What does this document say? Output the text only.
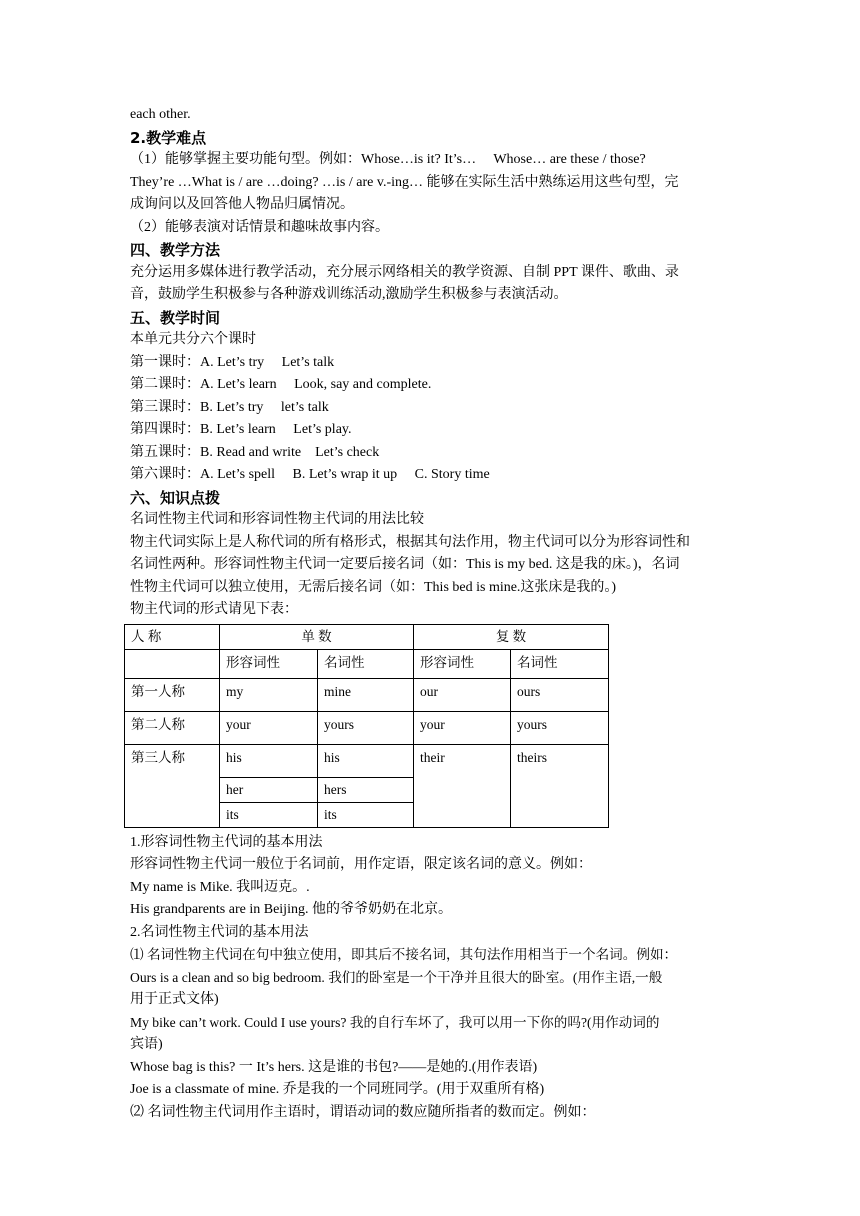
each other.
2.教学难点
（1）能够掌握主要功能句型。例如：Whose…is it? It’s…　 Whose… are these / those?
They’re …What is / are …doing? …is / are v.-ing… 能够在实际生活中熟练运用这些句型，完
成询问以及回答他人物品归属情况。
（2）能够表演对话情景和趣味故事内容。
四、教学方法
充分运用多媒体进行教学活动，充分展示网络相关的教学资源、自制 PPT 课件、歌曲、录
音，鼓励学生积极参与各种游戏训练活动,激励学生积极参与表演活动。
五、教学时间
本单元共分六个课时
第一课时：A. Let’s try　 Let’s talk
第二课时：A. Let’s learn　 Look, say and complete.
第三课时：B. Let’s try　 let’s talk
第四课时：B. Let’s learn　 Let’s play.
第五课时：B. Read and write　Let’s check
第六课时：A. Let’s spell　 B. Let’s wrap it up　 C. Story time
六、知识点拨
名词性物主代词和形容词性物主代词的用法比较
物主代词实际上是人称代词的所有格形式，根据其句法作用，物主代词可以分为形容词性和
名词性两种。形容词性物主代词一定要后接名词（如：This is my bed. 这是我的床。)，名词
性物主代词可以独立使用，无需后接名词（如：This bed is mine.这张床是我的。)
物主代词的形式请见下表：
人 称	单 数		复 数	
	形容词性	名词性	形容词性	名词性
第一人称	my	mine	our	ours
第二人称	your	yours	your	yours
第三人称	his	his	their	theirs
	her	hers		
	its	its		
1.形容词性物主代词的基本用法
形容词性物主代词一般位于名词前，用作定语，限定该名词的意义。例如：
My name is Mike. 我叫迈克。.
His grandparents are in Beijing. 他的爷爷奶奶在北京。
2.名词性物主代词的基本用法
⑴ 名词性物主代词在句中独立使用，即其后不接名词，其句法作用相当于一个名词。例如：
Ours is a clean and so big bedroom. 我们的卧室是一个干净并且很大的卧室。(用作主语,一般
用于正式文体)
My bike can’t work. Could I use yours? 我的自行车坏了，我可以用一下你的吗?(用作动词的
宾语)
Whose bag is this? 一 It’s hers. 这是谁的书包?——是她的.(用作表语)
Joe is a classmate of mine. 乔是我的一个同班同学。(用于双重所有格)
⑵ 名词性物主代词用作主语时，谓语动词的数应随所指者的数而定。例如：
